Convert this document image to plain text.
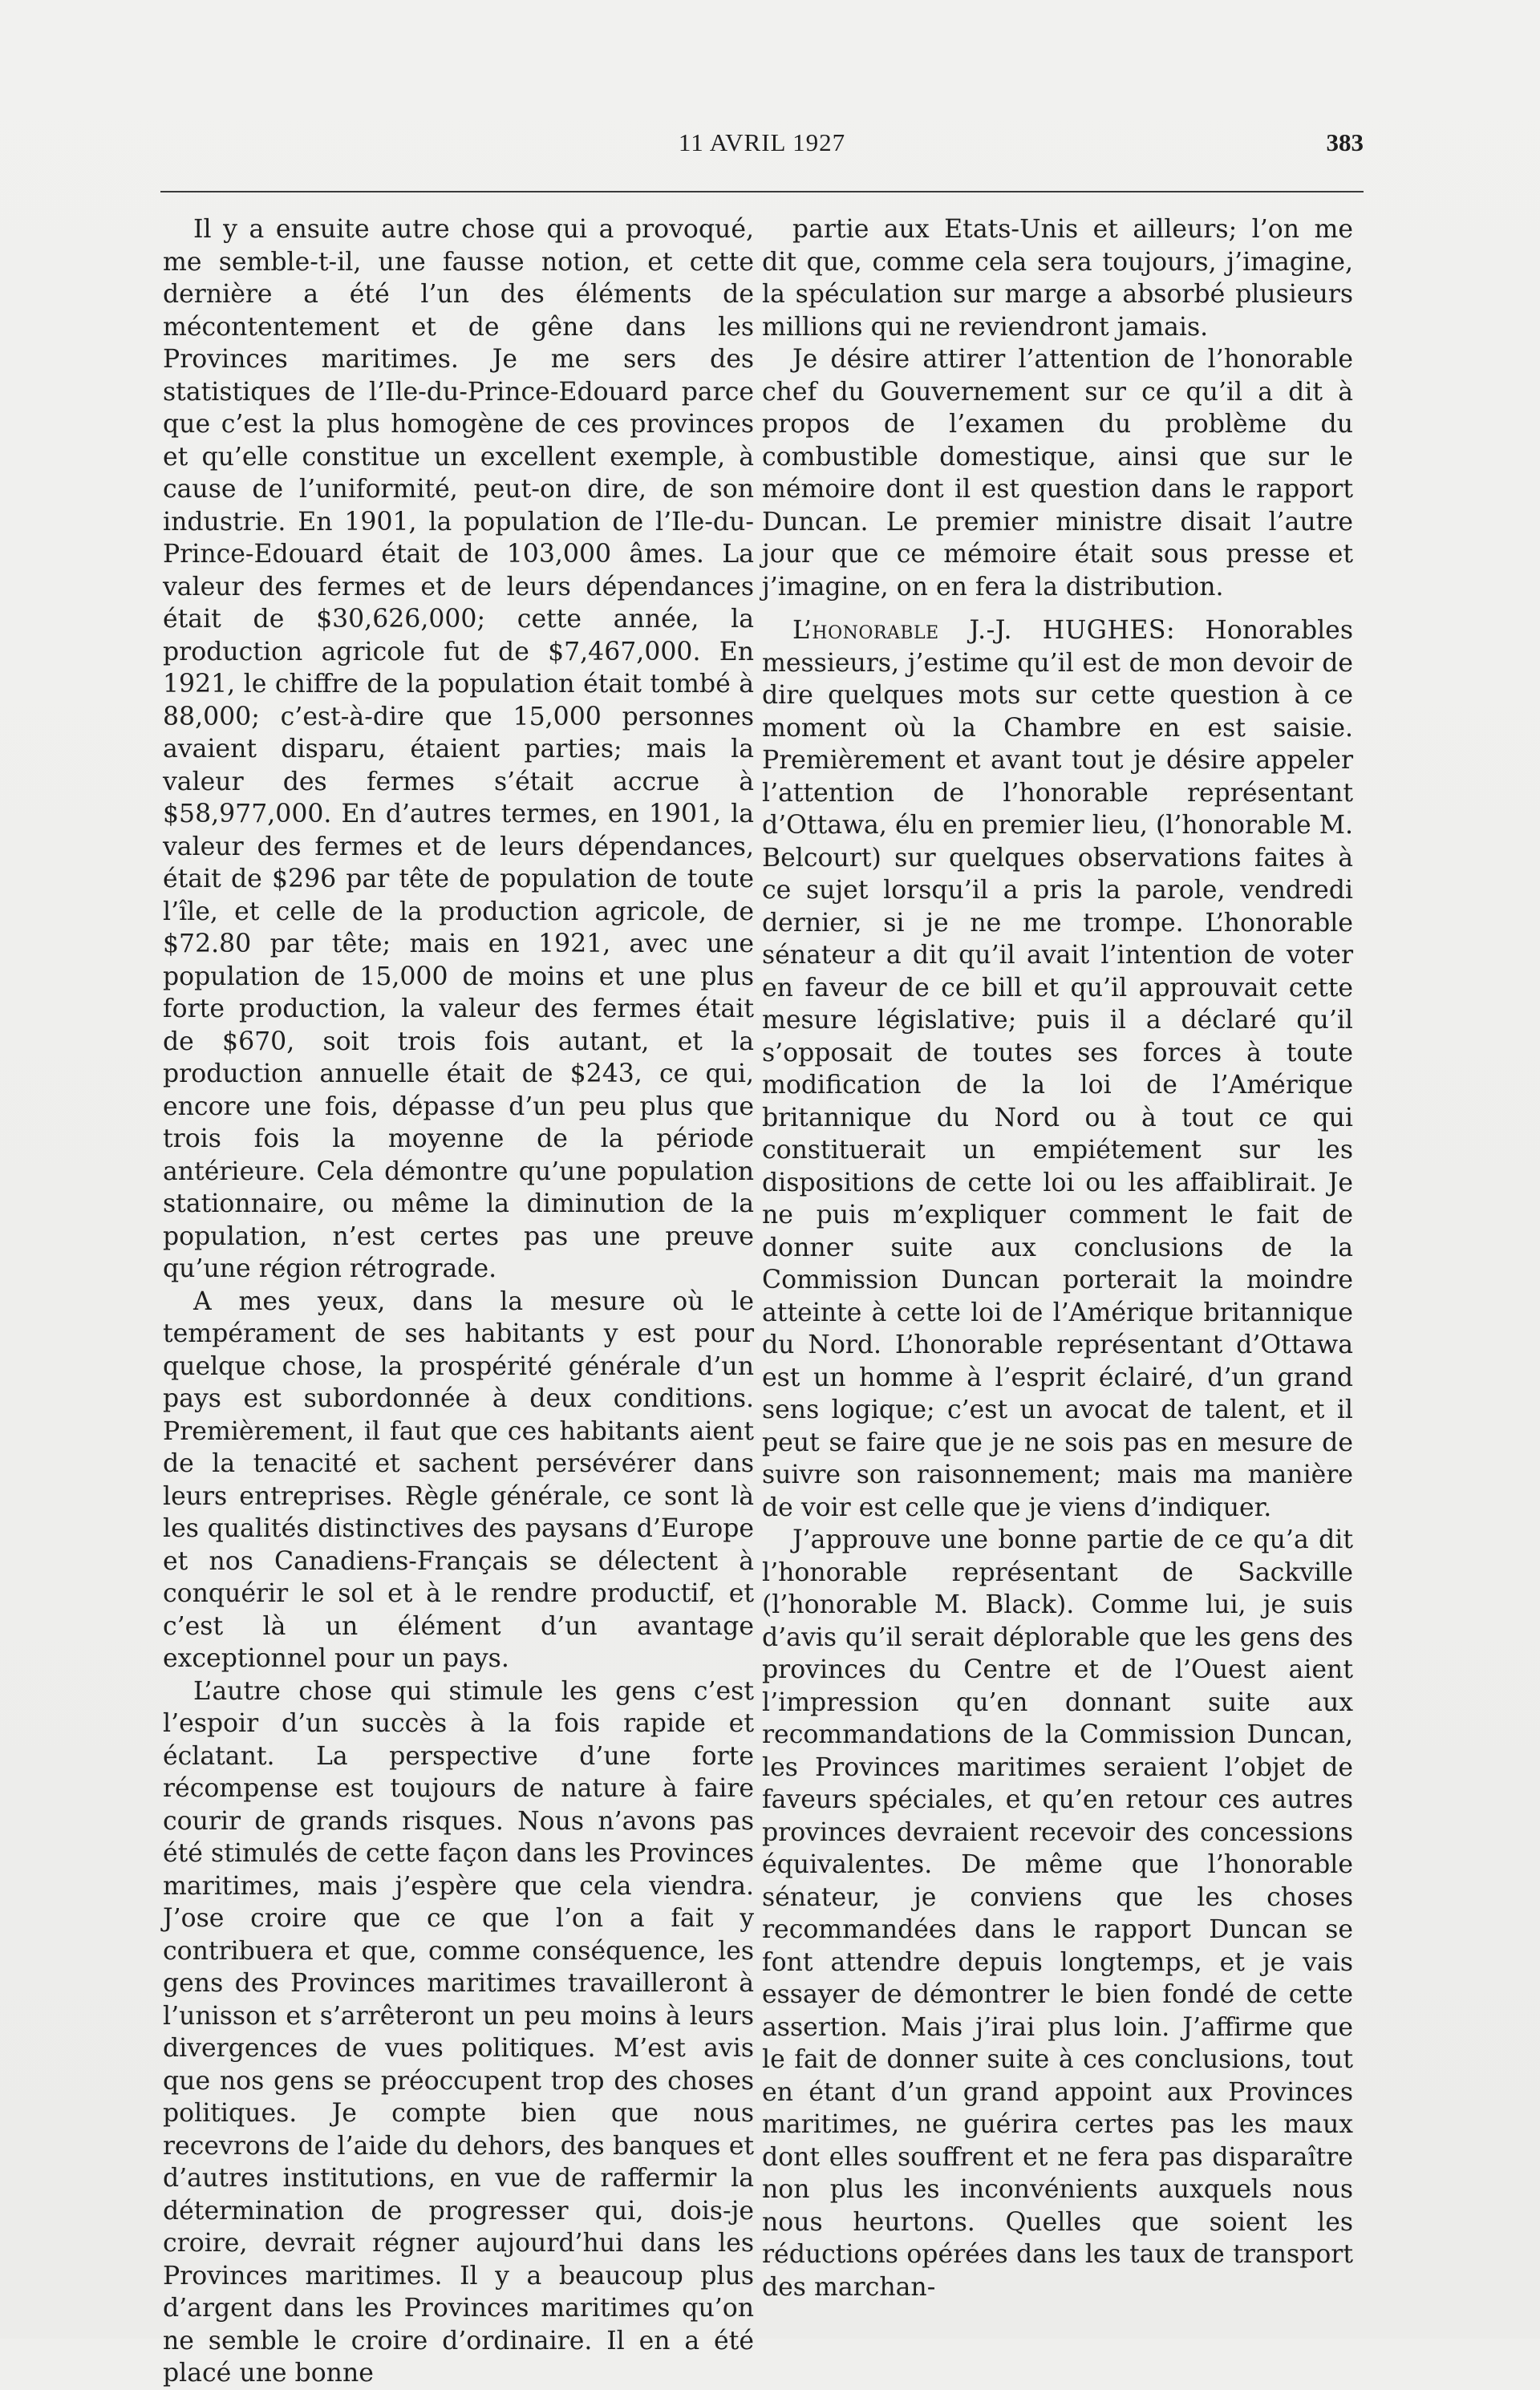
11 AVRIL 1927	383

Il y a ensuite autre chose qui a provoqué, me semble-t-il, une fausse notion, et cette dernière a été l’un des éléments de mécontentement et de gêne dans les Provinces maritimes. Je me sers des statistiques de l’Ile-du-Prince-Edouard parce que c’est la plus homogène de ces provinces et qu’elle constitue un excellent exemple, à cause de l’uniformité, peut-on dire, de son industrie. En 1901, la population de l’Ile-du-Prince-Edouard était de 103,000 âmes. La valeur des fermes et de leurs dépendances était de $30,626,000; cette année, la production agricole fut de $7,467,000. En 1921, le chiffre de la population était tombé à 88,000; c’est-à-dire que 15,000 personnes avaient disparu, étaient parties; mais la valeur des fermes s’était accrue à $58,977,000. En d’autres termes, en 1901, la valeur des fermes et de leurs dépendances, était de $296 par tête de population de toute l’île, et celle de la production agricole, de $72.80 par tête; mais en 1921, avec une population de 15,000 de moins et une plus forte production, la valeur des fermes était de $670, soit trois fois autant, et la production annuelle était de $243, ce qui, encore une fois, dépasse d’un peu plus que trois fois la moyenne de la période antérieure. Cela démontre qu’une population stationnaire, ou même la diminution de la population, n’est certes pas une preuve qu’une région rétrograde.

A mes yeux, dans la mesure où le tempérament de ses habitants y est pour quelque chose, la prospérité générale d’un pays est subordonnée à deux conditions. Premièrement, il faut que ces habitants aient de la tenacité et sachent persévérer dans leurs entreprises. Règle générale, ce sont là les qualités distinctives des paysans d’Europe et nos Canadiens-Français se délectent à conquérir le sol et à le rendre productif, et c’est là un élément d’un avantage exceptionnel pour un pays.

L’autre chose qui stimule les gens c’est l’espoir d’un succès à la fois rapide et éclatant. La perspective d’une forte récompense est toujours de nature à faire courir de grands risques. Nous n’avons pas été stimulés de cette façon dans les Provinces maritimes, mais j’espère que cela viendra. J’ose croire que ce que l’on a fait y contribuera et que, comme conséquence, les gens des Provinces maritimes travailleront à l’unisson et s’arrêteront un peu moins à leurs divergences de vues politiques. M’est avis que nos gens se préoccupent trop des choses politiques. Je compte bien que nous recevrons de l’aide du dehors, des banques et d’autres institutions, en vue de raffermir la détermination de progresser qui, dois-je croire, devrait régner aujourd’hui dans les Provinces maritimes. Il y a beaucoup plus d’argent dans les Provinces maritimes qu’on ne semble le croire d’ordinaire. Il en a été placé une bonne

partie aux Etats-Unis et ailleurs; l’on me dit que, comme cela sera toujours, j’imagine, la spéculation sur marge a absorbé plusieurs millions qui ne reviendront jamais.

Je désire attirer l’attention de l’honorable chef du Gouvernement sur ce qu’il a dit à propos de l’examen du problème du combustible domestique, ainsi que sur le mémoire dont il est question dans le rapport Duncan. Le premier ministre disait l’autre jour que ce mémoire était sous presse et j’imagine, on en fera la distribution.

L’honorable J.-J. HUGHES: Honorables messieurs, j’estime qu’il est de mon devoir de dire quelques mots sur cette question à ce moment où la Chambre en est saisie. Premièrement et avant tout je désire appeler l’attention de l’honorable représentant d’Ottawa, élu en premier lieu, (l’honorable M. Belcourt) sur quelques observations faites à ce sujet lorsqu’il a pris la parole, vendredi dernier, si je ne me trompe. L’honorable sénateur a dit qu’il avait l’intention de voter en faveur de ce bill et qu’il approuvait cette mesure législative; puis il a déclaré qu’il s’opposait de toutes ses forces à toute modification de la loi de l’Amérique britannique du Nord ou à tout ce qui constituerait un empiétement sur les dispositions de cette loi ou les affaiblirait. Je ne puis m’expliquer comment le fait de donner suite aux conclusions de la Commission Duncan porterait la moindre atteinte à cette loi de l’Amérique britannique du Nord. L’honorable représentant d’Ottawa est un homme à l’esprit éclairé, d’un grand sens logique; c’est un avocat de talent, et il peut se faire que je ne sois pas en mesure de suivre son raisonnement; mais ma manière de voir est celle que je viens d’indiquer.

J’approuve une bonne partie de ce qu’a dit l’honorable représentant de Sackville (l’honorable M. Black). Comme lui, je suis d’avis qu’il serait déplorable que les gens des provinces du Centre et de l’Ouest aient l’impression qu’en donnant suite aux recommandations de la Commission Duncan, les Provinces maritimes seraient l’objet de faveurs spéciales, et qu’en retour ces autres provinces devraient recevoir des concessions équivalentes. De même que l’honorable sénateur, je conviens que les choses recommandées dans le rapport Duncan se font attendre depuis longtemps, et je vais essayer de démontrer le bien fondé de cette assertion. Mais j’irai plus loin. J’affirme que le fait de donner suite à ces conclusions, tout en étant d’un grand appoint aux Provinces maritimes, ne guérira certes pas les maux dont elles souffrent et ne fera pas disparaître non plus les inconvénients auxquels nous nous heurtons. Quelles que soient les réductions opérées dans les taux de transport des marchan-
